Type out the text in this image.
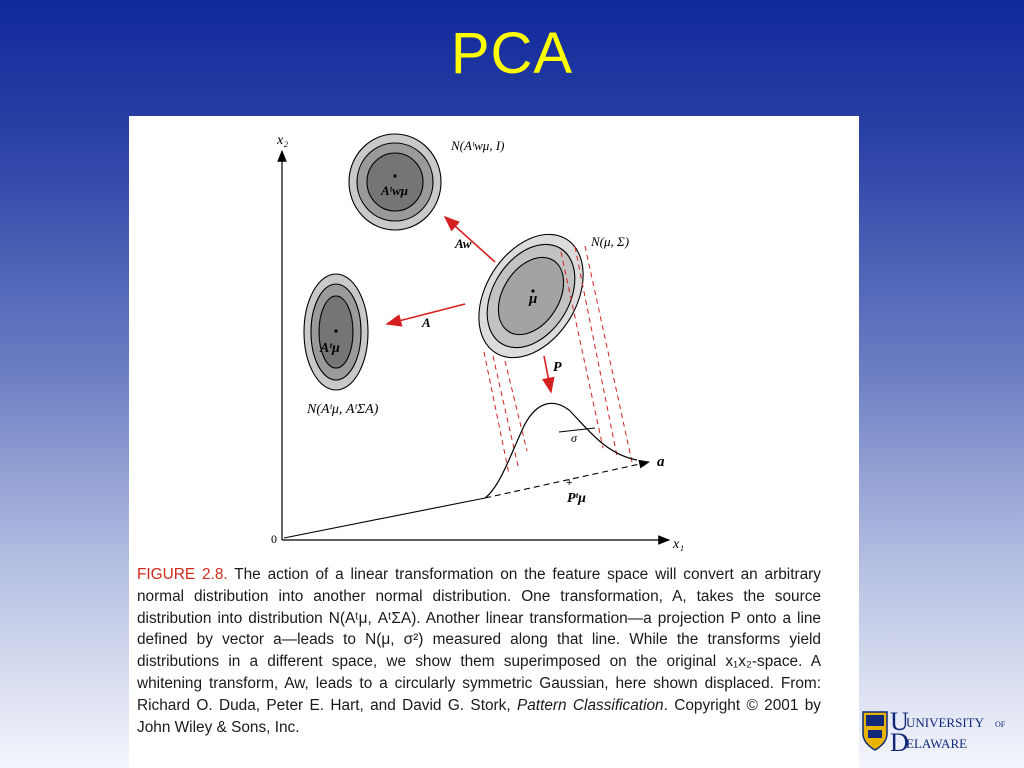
PCA
x₂
x₁
0
Aᵗwμ
N(Aᵗwμ, I)
Aᵗμ
N(Aᵗμ, AᵗΣA)
μ
N(μ, Σ)
Aw
A
P
a
σ
+
Pᵗμ
FIGURE 2.8. The action of a linear transformation on the feature space will convert an arbitrary normal distribution into another normal distribution. One transformation, A, takes the source distribution into distribution N(Aᵗμ, AᵗΣA). Another linear transformation—a projection P onto a line defined by vector a—leads to N(μ, σ²) measured along that line. While the transforms yield distributions in a different space, we show them superimposed on the original x₁x₂-space. A whitening transform, Aw, leads to a circularly symmetric Gaussian, here shown displaced. From: Richard O. Duda, Peter E. Hart, and David G. Stork, Pattern Classification. Copyright © 2001 by John Wiley & Sons, Inc.	U
D
UNIVERSITY OF
ELAWARE
